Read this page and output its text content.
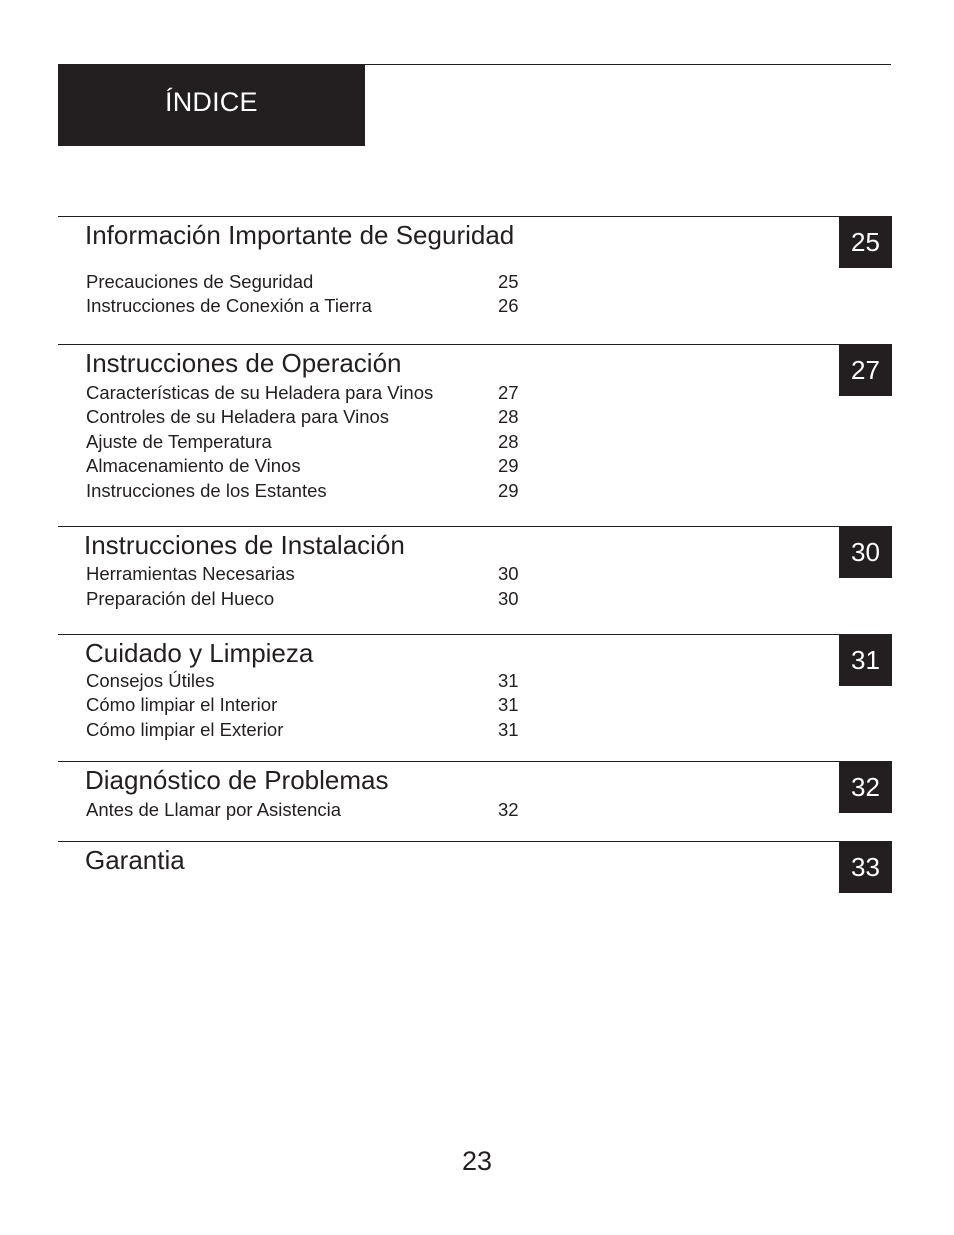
ÍNDICE
Información Importante de Seguridad	25
Precauciones de Seguridad	25
Instrucciones de Conexión a Tierra	26
Instrucciones de Operación	27
Características de su Heladera para Vinos	27
Controles de su Heladera para Vinos	28
Ajuste de Temperatura	28
Almacenamiento de Vinos	29
Instrucciones de los Estantes	29
Instrucciones de Instalación	30
Herramientas Necesarias	30
Preparación del Hueco	30
Cuidado y Limpieza	31
Consejos Útiles	31
Cómo limpiar el Interior	31
Cómo limpiar el Exterior	31
Diagnóstico de Problemas	32
Antes de Llamar por Asistencia	32
Garantia	33
23
